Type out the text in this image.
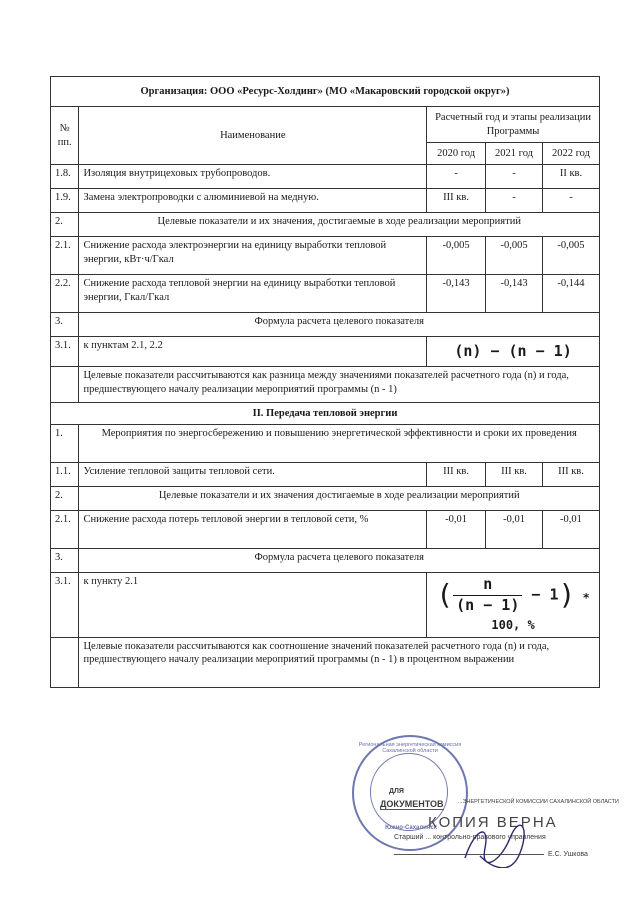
Организация: ООО «Ресурс-Холдинг» (МО «Макаровский городской округ»)				
№ пп.	Наименование	Расчетный год и этапы реализации Программы		
		2020 год	2021 год	2022 год
1.8.	Изоляция внутрицеховых трубопроводов.	-	-	II кв.
1.9.	Замена электропроводки с алюминиевой на медную.	III кв.	-	-
2.	Целевые показатели и их значения, достигаемые в ходе реализации мероприятий			
2.1.	Снижение расхода электроэнергии на единицу выработки тепловой энергии, кВт·ч/Гкал	-0,005	-0,005	-0,005
2.2.	Снижение расхода тепловой энергии на единицу выработки тепловой энергии, Гкал/Гкал	-0,143	-0,143	-0,144
3.	Формула расчета целевого показателя			
3.1.	к пунктам 2.1, 2.2	(n) − (n − 1)		
	Целевые показатели рассчитываются как разница между значениями показателей расчетного года (n) и года, предшествующего началу реализации мероприятий программы (n - 1)			
II. Передача тепловой энергии				
1.	Мероприятия по энергосбережению и повышению энергетической эффективности и сроки их проведения			
1.1.	Усиление тепловой защиты тепловой сети.	III кв.	III кв.	III кв.
2.	Целевые показатели и их значения достигаемые в ходе реализации мероприятий			
2.1.	Снижение расхода потерь тепловой энергии в тепловой сети, %	-0,01	-0,01	-0,01
3.	Формула расчета целевого показателя			
3.1.	к пункту 2.1	( $\frac{n}{(n - 1)} - 1$) ∗ 100, %		
	Целевые показатели рассчитываются как соотношение значений показателей расчетного года (n) и года, предшествующего началу реализации мероприятий программы (n - 1) в процентном выражении			
Региональная энергетическая комиссия Сахалинской области
Южно-Сахалинск
ДЛЯ
ДОКУМЕНТОВ	...ЭНЕРГЕТИЧЕСКОЙ КОМИССИИ САХАЛИНСКОЙ ОБЛАСТИ
КОПИЯ ВЕРНА
Старший ... контрольно-правового управления
Е.С. Ушкова
